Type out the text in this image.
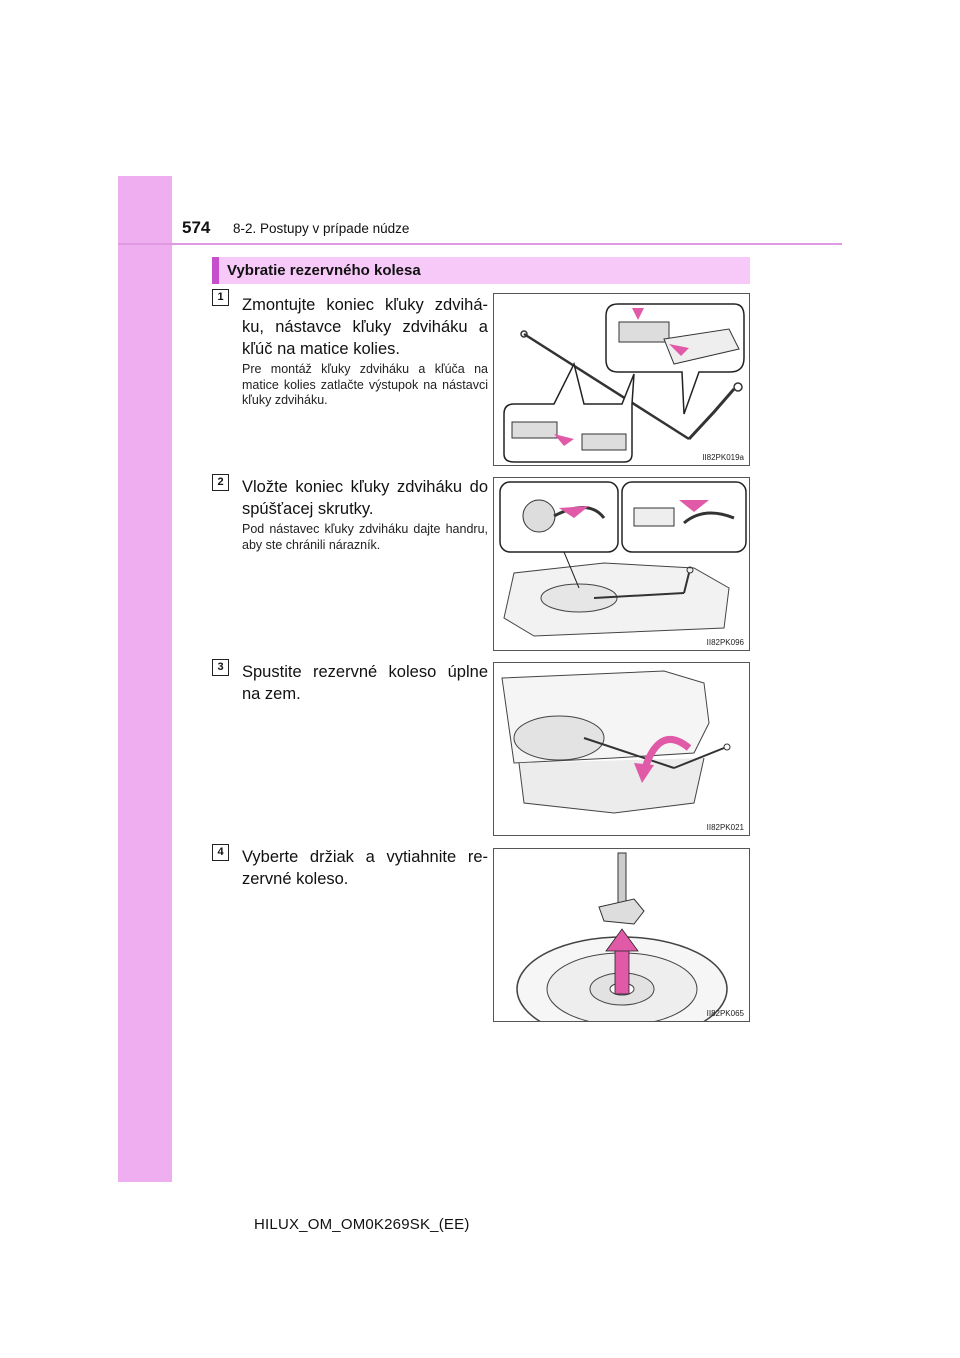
574 8-2. Postupy v prípade núdze
Vybratie rezervného kolesa
1	Zmontujte koniec kľuky zdvihá- ku, nástavce kľuky zdviháku a kľúč na matice kolies.
Pre montáž kľuky zdviháku a kľúča na matice kolies zatlačte výstupok na nástavci kľuky zdviháku.
II82PK019a
2	Vložte koniec kľuky zdviháku do spúšťacej skrutky.
Pod nástavec kľuky zdviháku dajte handru, aby ste chránili nárazník.
II82PK096
3	Spustite rezervné koleso úplne na zem.
II82PK021
4	Vyberte držiak a vytiahnite re- zervné koleso.
II82PK065
HILUX_OM_OM0K269SK_(EE)
